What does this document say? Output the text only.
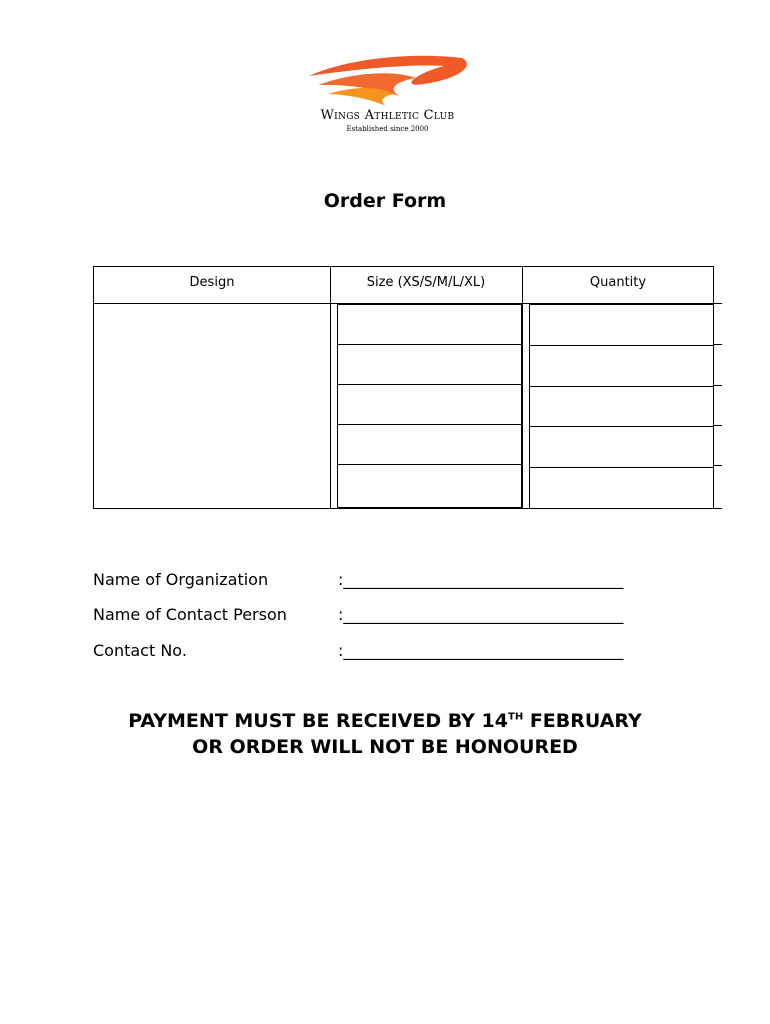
Wings Athletic Club
Established since 2000
Order Form
Design	Size (XS/S/M/L/XL)	Quantity
Name of Organization	:___________________________________
Name of Contact Person	:___________________________________
Contact No.	:___________________________________
PAYMENT MUST BE RECEIVED BY 14TH FEBRUARY
OR ORDER WILL NOT BE HONOURED
